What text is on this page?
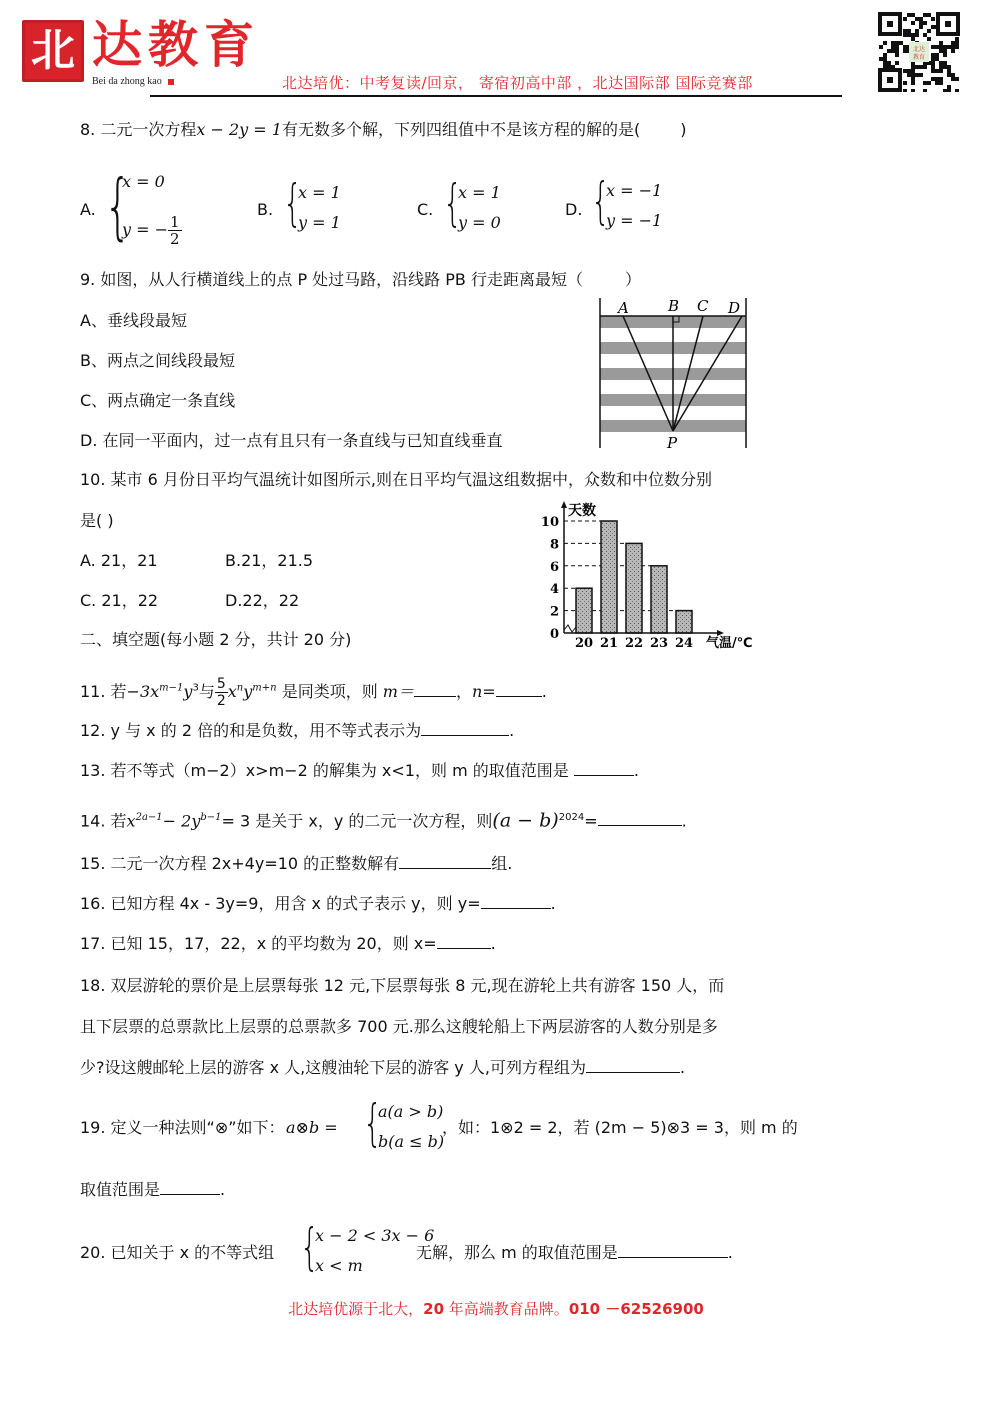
北 达教育
Bei da zhong kao	北达培优：中考复读/回京， 寄宿初高中部 ，北达国际部 国际竞赛部
北达
教育
8. 二元一次方程x − 2y = 1有无数多个解，下列四组值中不是该方程的解的是(	)
A. {
x = 0
y = − $\frac{1}{2}$
B. {
x = 1
y = 1
C. {
x = 1
y = 0
D. {
x = −1
y = −1
9. 如图，从人行横道线上的点 P 处过马路，沿线路 PB 行走距离最短（	）
A、垂线段最短
B、两点之间线段最短
C、两点确定一条直线
D. 在同一平面内，过一点有且只有一条直线与已知直线垂直
A	B C D
P
10. 某市 6 月份日平均气温统计如图所示,则在日平均气温这组数据中，众数和中位数分别
是( )
A. 21，21	B.21，21.5
C. 21，22	D.22，22
20 21 22 23 24
0
2
4
6
8
10
天数
气温/℃
二、填空题(每小题 2 分，共计 20 分)
11. 若$-3x^{m-1}y^3$与 $\frac{5}{2} x^ny^{m+n}$ 是同类项，则 m＝	，n=	.
12. y 与 x 的 2 倍的和是负数，用不等式表示为	.
13. 若不等式（m−2）x>m−2 的解集为 x<1，则 m 的取值范围是	.
14. 若$x^{2a-1}- 2y^{b-1}= 3$ 是关于 x，y 的二元一次方程，则$(a - b)^{2024}=$	.
15. 二元一次方程 2x+4y=10 的正整数解有	组.
16. 已知方程 4x - 3y=9，用含 x 的式子表示 y，则 y=	.
17. 已知 15，17，22，x 的平均数为 20，则 x=	.
18. 双层游轮的票价是上层票每张 12 元,下层票每张 8 元,现在游轮上共有游客 150 人，而
且下层票的总票款比上层票的总票款多 700 元.那么这艘轮船上下两层游客的人数分别是多
少?设这艘邮轮上层的游客 x 人,这艘油轮下层的游客 y 人,可列方程组为	.
19. 定义一种法则“⊗”如下： a⊗b = {
a(a > b)
b(a ≤ b)
，如：1⊗2 = 2，若 (2m − 5)⊗3 = 3，则 m 的
取值范围是	.
20. 已知关于 x 的不等式组 {
x − 2 < 3x − 6
x < m
无解，那么 m 的取值范围是	.
北达培优源于北大，20 年高端教育品牌。010 －62526900
